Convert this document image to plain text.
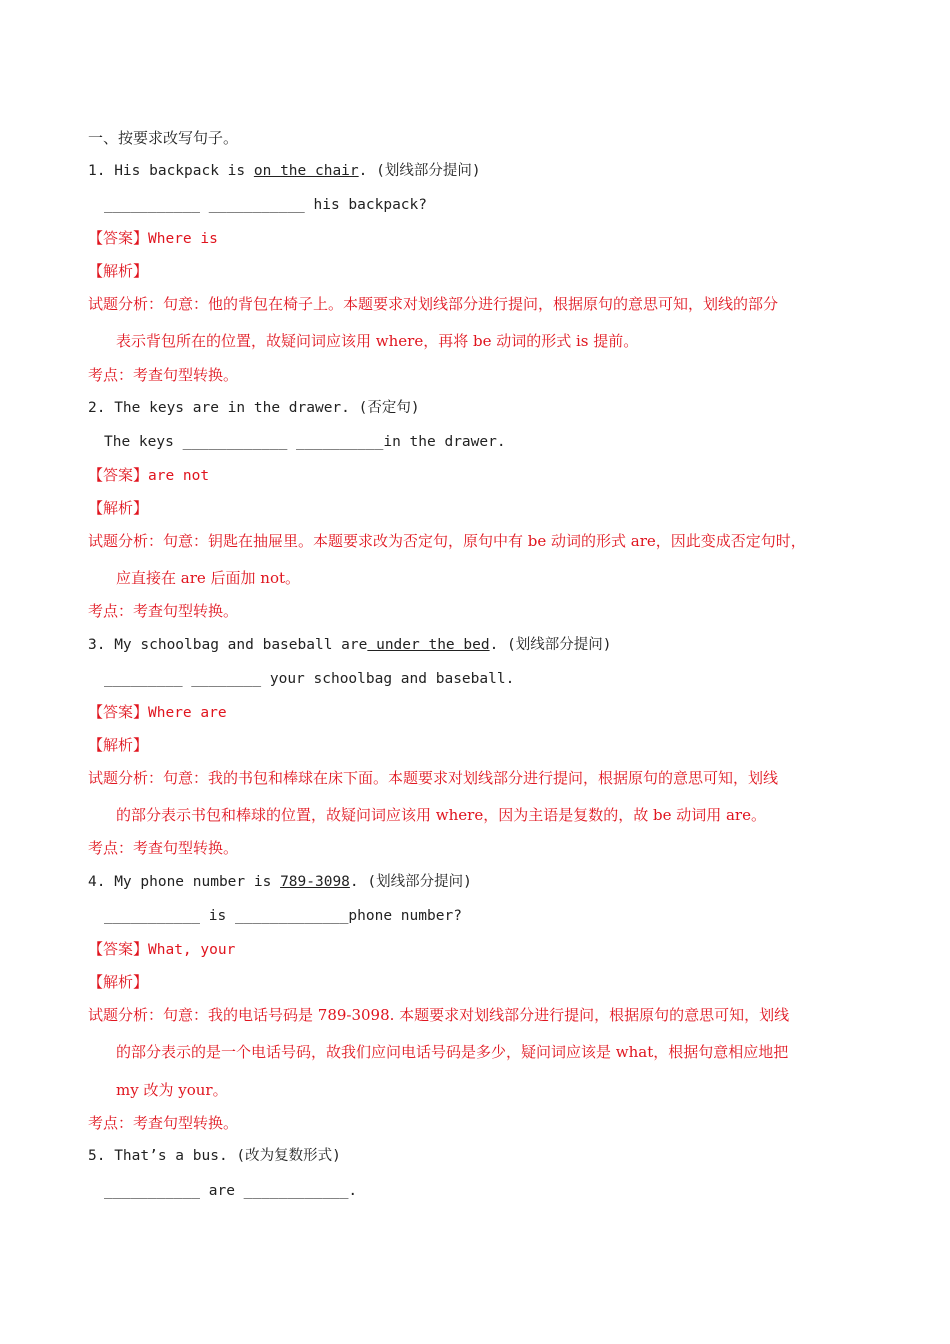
一、按要求改写句子。
1. His backpack is on the chair. (划线部分提问)
___________ ___________ his backpack?
【答案】Where is
【解析】
试题分析：句意：他的背包在椅子上。本题要求对划线部分进行提问，根据原句的意思可知，划线的部分
表示背包所在的位置，故疑问词应该用 where，再将 be 动词的形式 is 提前。
考点：考查句型转换。
2. The keys are in the drawer. (否定句)
The keys ____________ __________in the drawer.
【答案】are not
【解析】
试题分析：句意：钥匙在抽屉里。本题要求改为否定句，原句中有 be 动词的形式 are，因此变成否定句时，
应直接在 are 后面加 not。
考点：考查句型转换。
3. My schoolbag and baseball are under the bed. (划线部分提问)
_________ ________ your schoolbag and baseball.
【答案】Where are
【解析】
试题分析：句意：我的书包和棒球在床下面。本题要求对划线部分进行提问，根据原句的意思可知，划线
的部分表示书包和棒球的位置，故疑问词应该用 where，因为主语是复数的，故 be 动词用 are。
考点：考查句型转换。
4. My phone number is 789-3098. (划线部分提问)
___________ is _____________phone number?
【答案】What, your
【解析】
试题分析：句意：我的电话号码是 789-3098. 本题要求对划线部分进行提问，根据原句的意思可知，划线
的部分表示的是一个电话号码，故我们应问电话号码是多少，疑问词应该是 what，根据句意相应地把
my 改为 your。
考点：考查句型转换。
5. That’s a bus. (改为复数形式)
___________ are ____________.
